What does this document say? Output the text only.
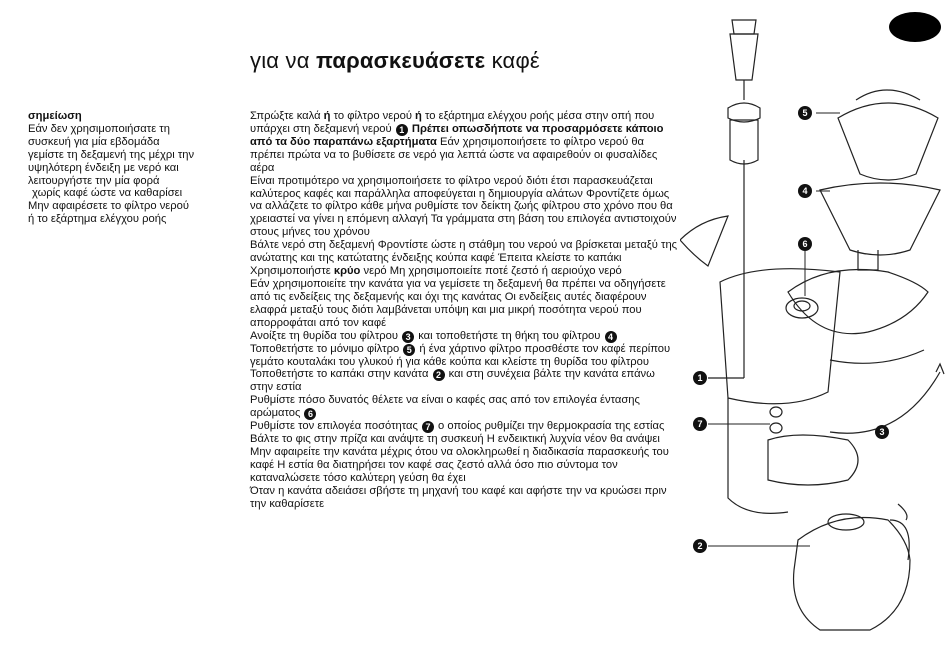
για να παρασκευάσετε καφέ
σημείωση
Εάν δεν χρησιμοποιήσατε τη
συσκευή για μία εβδομάδα
γεμίστε τη δεξαμενή της μέχρι την
υψηλότερη ένδειξη με νερό και
λειτουργήστε την μία φορά
χωρίς καφέ ώστε να καθαρίσει
Μην αφαιρέσετε το φίλτρο νερού
ή το εξάρτημα ελέγχου ροής

Σπρώξτε καλά ή το φίλτρο νερού ή το εξάρτημα ελέγχου ροής μέσα στην οπή που υπάρχει στη δεξαμενή νερού 1 Πρέπει οπωσδήποτε να προσαρμόσετε κάποιο από τα δύο παραπάνω εξαρτήματα Εάν χρησιμοποιήσετε το φίλτρο νερού θα πρέπει πρώτα να το βυθίσετε σε νερό για λεπτά ώστε να αφαιρεθούν οι φυσαλίδες αέρα

Είναι προτιμότερο να χρησιμοποιήσετε το φίλτρο νερού διότι έτσι παρασκευάζεται καλύτερος καφές και παράλληλα αποφεύγεται η δημιουργία αλάτων Φροντίζετε όμως να αλλάζετε το φίλτρο κάθε μήνα ρυθμίστε τον δείκτη ζωής φίλτρου στο χρόνο που θα χρειαστεί να γίνει η επόμενη αλλαγή Τα γράμματα στη βάση του επιλογέα αντιστοιχούν στους μήνες του χρόνου

Βάλτε νερό στη δεξαμενή Φροντίστε ώστε η στάθμη του νερού να βρίσκεται μεταξύ της ανώτατης και της κατώτατης ένδειξης κούπα καφέ Έπειτα κλείστε το καπάκι

Χρησιμοποιήστε κρύο νερό Μη χρησιμοποιείτε ποτέ ζεστό ή αεριούχο νερό

Εάν χρησιμοποιείτε την κανάτα για να γεμίσετε τη δεξαμενή θα πρέπει να οδηγήσετε από τις ενδείξεις της δεξαμενής και όχι της κανάτας Οι ενδείξεις αυτές διαφέρουν ελαφρά μεταξύ τους διότι λαμβάνεται υπόψη και μια μικρή ποσότητα νερού που απορροφάται από τον καφέ

Ανοίξτε τη θυρίδα του φίλτρου 3 και τοποθετήστε τη θήκη του φίλτρου 4

Τοποθετήστε το μόνιμο φίλτρο 5 ή ένα χάρτινο φίλτρο προσθέστε τον καφέ περίπου γεμάτο κουταλάκι του γλυκού ή για κάθε κούπα και κλείστε τη θυρίδα του φίλτρου

Τοποθετήστε το καπάκι στην κανάτα 2 και στη συνέχεια βάλτε την κανάτα επάνω στην εστία

Ρυθμίστε πόσο δυνατός θέλετε να είναι ο καφές σας από τον επιλογέα έντασης αρώματος 6

Ρυθμίστε τον επιλογέα ποσότητας 7 ο οποίος ρυθμίζει την θερμοκρασία της εστίας

Βάλτε το φις στην πρίζα και ανάψτε τη συσκευή Η ενδεικτική λυχνία νέον θα ανάψει

Μην αφαιρείτε την κανάτα μέχρις ότου να ολοκληρωθεί η διαδικασία παρασκευής του καφέ Η εστία θα διατηρήσει τον καφέ σας ζεστό αλλά όσο πιο σύντομα τον καταναλώσετε τόσο καλύτερη γεύση θα έχει

Όταν η κανάτα αδειάσει σβήστε τη μηχανή του καφέ και αφήστε την να κρυώσει πριν την καθαρίσετε

5
4
6
1
7
3
2
